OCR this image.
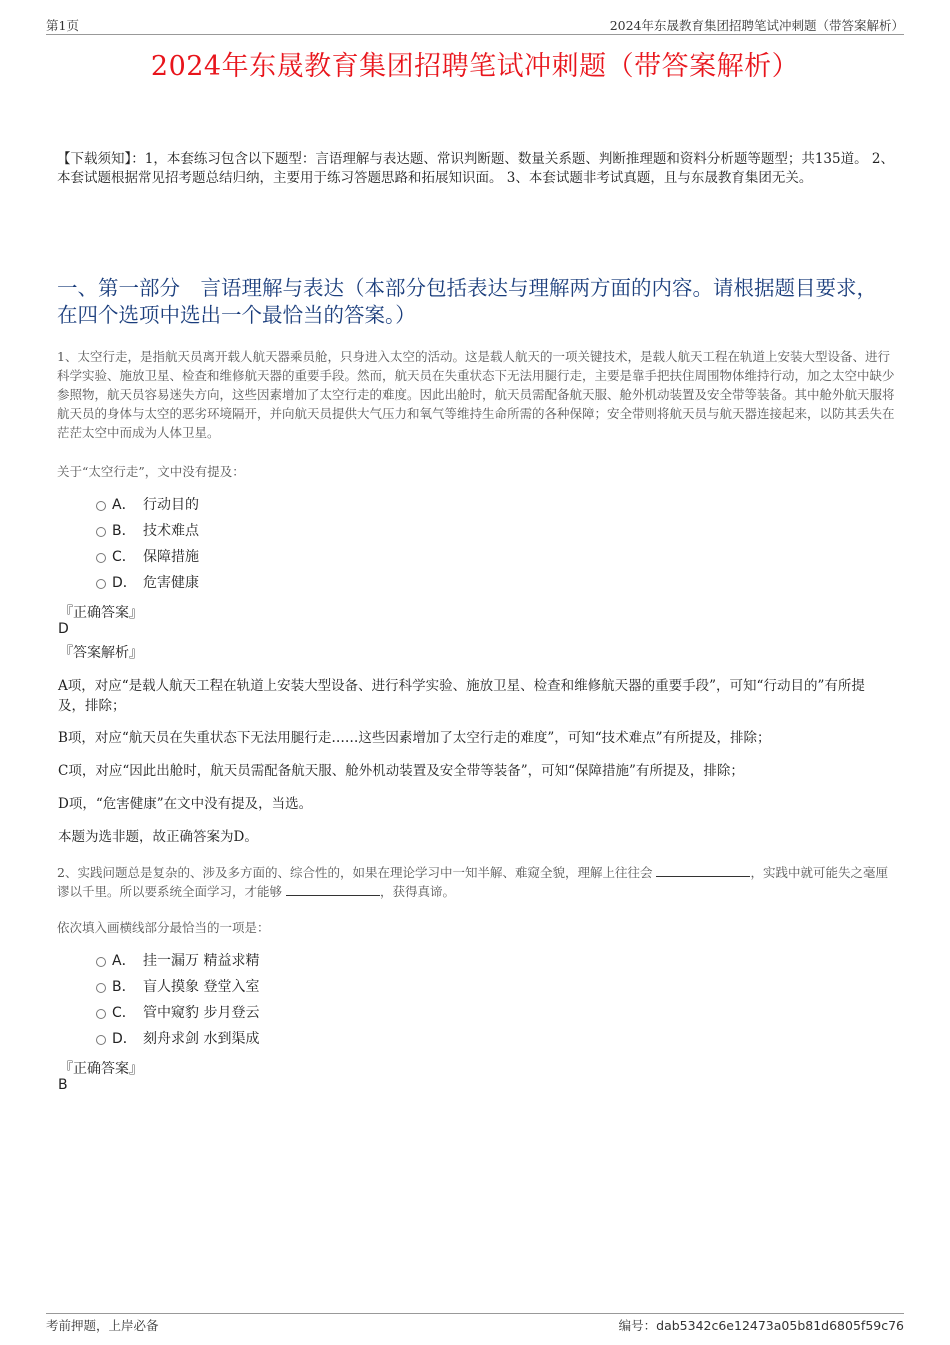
第1页	2024年东晟教育集团招聘笔试冲刺题（带答案解析）
2024年东晟教育集团招聘笔试冲刺题（带答案解析）
【下载须知】：1，本套练习包含以下题型：言语理解与表达题、常识判断题、数量关系题、判断推理题和资料分析题等题型；共135道。 2、本套试题根据常见招考题总结归纳，主要用于练习答题思路和拓展知识面。 3、本套试题非考试真题，且与东晟教育集团无关。
一、第一部分　言语理解与表达（本部分包括表达与理解两方面的内容。请根据题目要求，在四个选项中选出一个最恰当的答案。）
1、太空行走，是指航天员离开载人航天器乘员舱，只身进入太空的活动。这是载人航天的一项关键技术，是载人航天工程在轨道上安装大型设备、进行科学实验、施放卫星、检查和维修航天器的重要手段。然而，航天员在失重状态下无法用腿行走，主要是靠手把扶住周围物体维持行动，加之太空中缺少参照物，航天员容易迷失方向，这些因素增加了太空行走的难度。因此出舱时，航天员需配备航天服、舱外机动装置及安全带等装备。其中舱外航天服将航天员的身体与太空的恶劣环境隔开，并向航天员提供大气压力和氧气等维持生命所需的各种保障；安全带则将航天员与航天器连接起来，以防其丢失在茫茫太空中而成为人体卫星。
关于“太空行走”，文中没有提及：
A． 行动目的
B． 技术难点
C． 保障措施
D． 危害健康
『正确答案』
D
『答案解析』
A项，对应“是载人航天工程在轨道上安装大型设备、进行科学实验、施放卫星、检查和维修航天器的重要手段”，可知“行动目的”有所提及，排除；
B项，对应“航天员在失重状态下无法用腿行走……这些因素增加了太空行走的难度”，可知“技术难点”有所提及，排除；
C项，对应“因此出舱时，航天员需配备航天服、舱外机动装置及安全带等装备”，可知“保障措施”有所提及，排除；
D项，“危害健康”在文中没有提及，当选。
本题为选非题，故正确答案为D。
2、实践问题总是复杂的、涉及多方面的、综合性的，如果在理论学习中一知半解、难窥全貌，理解上往往会	，实践中就可能失之毫厘谬以千里。所以要系统全面学习，才能够	，获得真谛。
依次填入画横线部分最恰当的一项是：
A． 挂一漏万 精益求精
B． 盲人摸象 登堂入室
C． 管中窥豹 步月登云
D． 刻舟求剑 水到渠成
『正确答案』
B
考前押题，上岸必备	编号：dab5342c6e12473a05b81d6805f59c76
